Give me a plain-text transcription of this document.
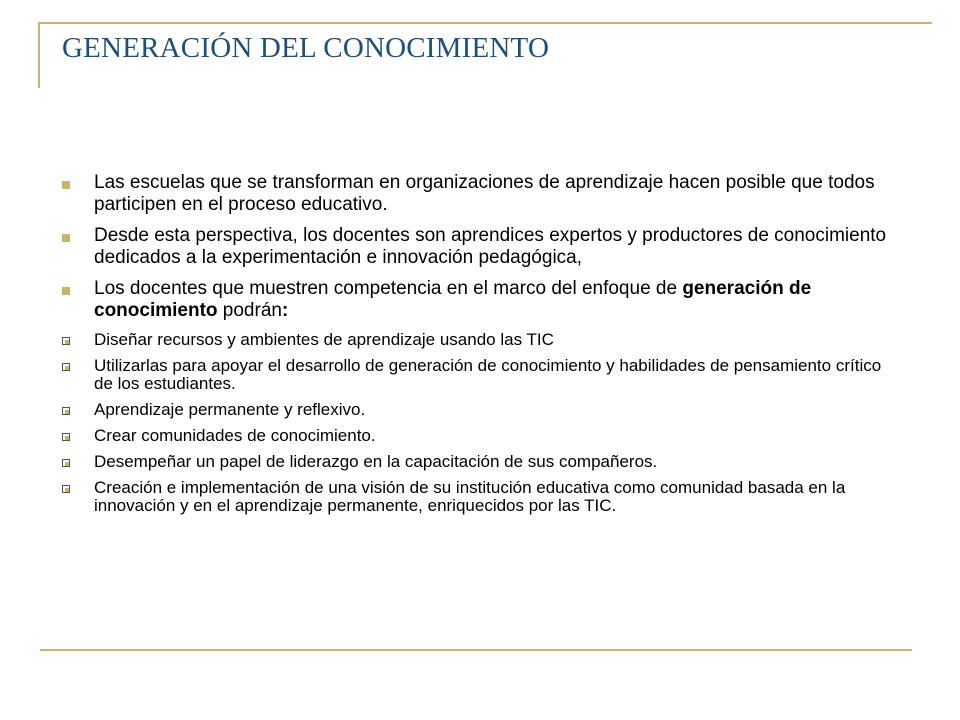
GENERACIÓN DEL CONOCIMIENTO
Las escuelas que se transforman en organizaciones de aprendizaje hacen posible que todos participen en el proceso educativo.
Desde esta perspectiva, los docentes son aprendices expertos y productores de conocimiento dedicados a la experimentación e innovación pedagógica,
Los docentes que muestren competencia en el marco del enfoque de generación de conocimiento podrán:
Diseñar recursos y ambientes de aprendizaje usando las TIC
Utilizarlas para apoyar el desarrollo de generación de conocimiento y habilidades de pensamiento crítico de los estudiantes.
Aprendizaje permanente y reflexivo.
Crear comunidades de conocimiento.
Desempeñar un papel de liderazgo en la capacitación de sus compañeros.
Creación e implementación de una visión de su institución educativa como comunidad basada en la innovación y en el aprendizaje permanente, enriquecidos por las TIC.
